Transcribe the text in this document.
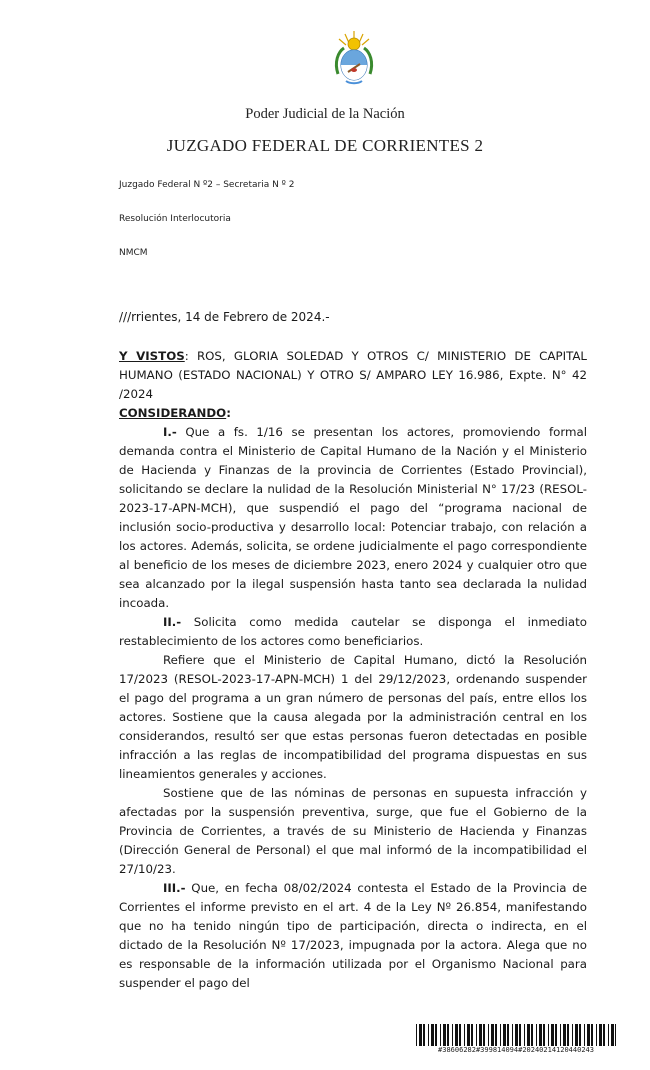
Poder Judicial de la Nación
JUZGADO FEDERAL DE CORRIENTES 2
Juzgado Federal N º2 – Secretaria N º 2
Resolución Interlocutoria
NMCM
///rrientes, 14 de Febrero de 2024.-

Y VISTOS: ROS, GLORIA SOLEDAD Y OTROS C/ MINISTERIO DE CAPITAL HUMANO (ESTADO NACIONAL) Y OTRO S/ AMPARO LEY 16.986, Expte. N° 42 /2024

CONSIDERANDO:

I.- Que a fs. 1/16 se presentan los actores, promoviendo formal demanda contra el Ministerio de Capital Humano de la Nación y el Ministerio de Hacienda y Finanzas de la provincia de Corrientes (Estado Provincial), solicitando se declare la nulidad de la Resolución Ministerial N° 17/23 (RESOL-2023-17-APN-MCH), que suspendió el pago del “programa nacional de inclusión socio-productiva y desarrollo local: Potenciar trabajo, con relación a los actores. Además, solicita, se ordene judicialmente el pago correspondiente al beneficio de los meses de diciembre 2023, enero 2024 y cualquier otro que sea alcanzado por la ilegal suspensión hasta tanto sea declarada la nulidad incoada.

II.- Solicita como medida cautelar se disponga el inmediato restablecimiento de los actores como beneficiarios.

Refiere que el Ministerio de Capital Humano, dictó la Resolución 17/2023 (RESOL-2023-17-APN-MCH) 1 del 29/12/2023, ordenando suspender el pago del programa a un gran número de personas del país, entre ellos los actores. Sostiene que la causa alegada por la administración central en los considerandos, resultó ser que estas personas fueron detectadas en posible infracción a las reglas de incompatibilidad del programa dispuestas en sus lineamientos generales y acciones.

Sostiene que de las nóminas de personas en supuesta infracción y afectadas por la suspensión preventiva, surge, que fue el Gobierno de la Provincia de Corrientes, a través de su Ministerio de Hacienda y Finanzas (Dirección General de Personal) el que mal informó de la incompatibilidad el 27/10/23.

III.- Que, en fecha 08/02/2024 contesta el Estado de la Provincia de Corrientes el informe previsto en el art. 4 de la Ley Nº 26.854, manifestando que no ha tenido ningún tipo de participación, directa o indirecta, en el dictado de la Resolución Nº 17/2023, impugnada por la actora. Alega que no es responsable de la información utilizada por el Organismo Nacional para suspender el pago del

#38606282#399814094#20240214120440243
